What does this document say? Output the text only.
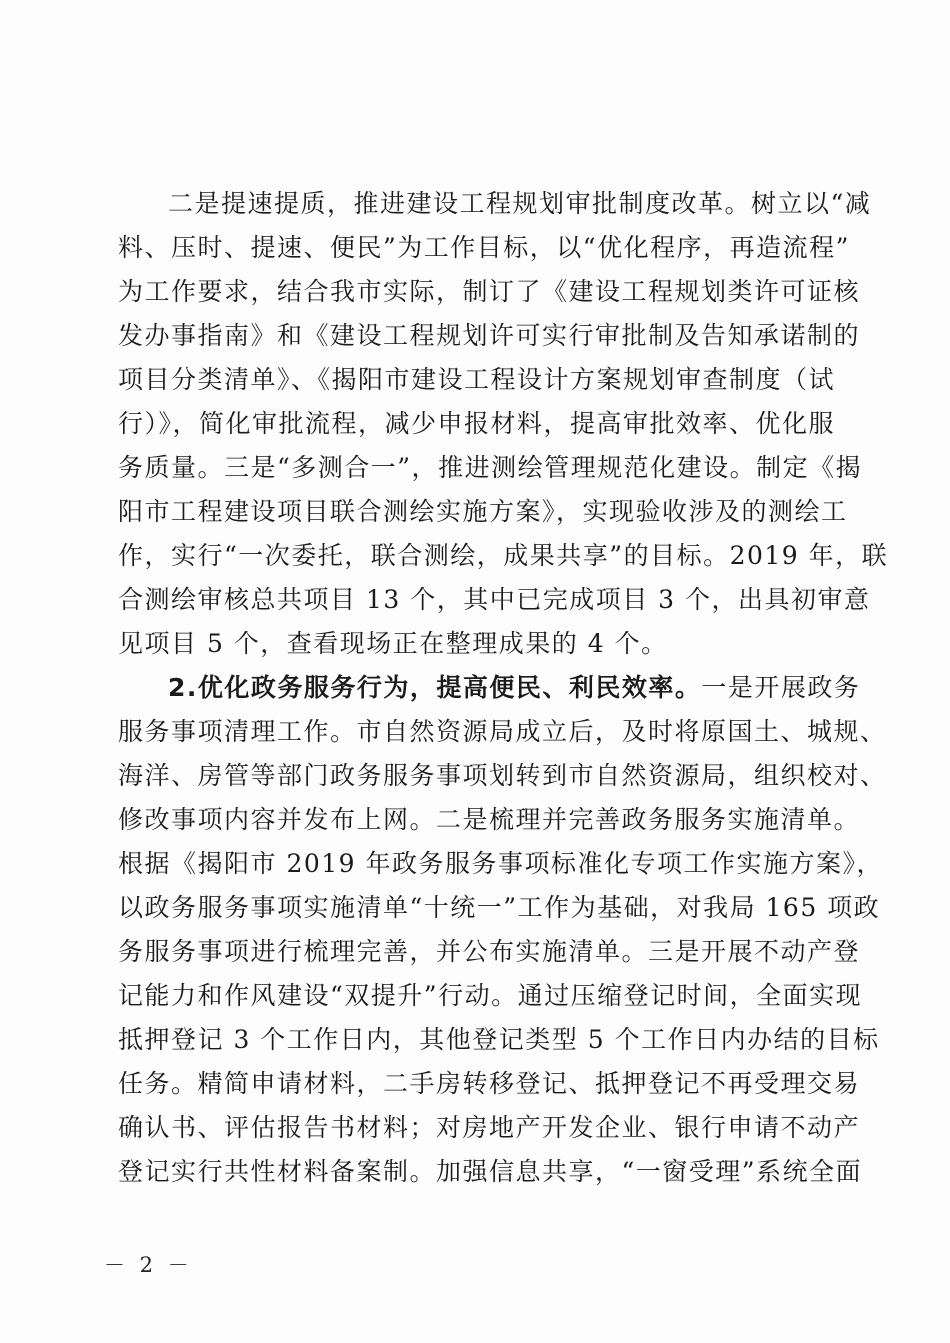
二是提速提质，推进建设工程规划审批制度改革。树立以“减
料、压时、提速、便民”为工作目标，以“优化程序，再造流程”
为工作要求，结合我市实际，制订了《建设工程规划类许可证核
发办事指南》和《建设工程规划许可实行审批制及告知承诺制的
项目分类清单》、《揭阳市建设工程设计方案规划审查制度（试
行）》，简化审批流程，减少申报材料，提高审批效率、优化服
务质量。三是“多测合一”，推进测绘管理规范化建设。制定《揭
阳市工程建设项目联合测绘实施方案》，实现验收涉及的测绘工
作，实行“一次委托，联合测绘，成果共享”的目标。2019 年，联
合测绘审核总共项目 13 个，其中已完成项目 3 个，出具初审意
见项目 5 个，查看现场正在整理成果的 4 个。
2.优化政务服务行为，提高便民、利民效率。一是开展政务
服务事项清理工作。市自然资源局成立后，及时将原国土、城规、
海洋、房管等部门政务服务事项划转到市自然资源局，组织校对、
修改事项内容并发布上网。二是梳理并完善政务服务实施清单。
根据《揭阳市 2019 年政务服务事项标准化专项工作实施方案》，
以政务服务事项实施清单“十统一”工作为基础，对我局 165 项政
务服务事项进行梳理完善，并公布实施清单。三是开展不动产登
记能力和作风建设“双提升”行动。通过压缩登记时间，全面实现
抵押登记 3 个工作日内，其他登记类型 5 个工作日内办结的目标
任务。精简申请材料，二手房转移登记、抵押登记不再受理交易
确认书、评估报告书材料；对房地产开发企业、银行申请不动产
登记实行共性材料备案制。加强信息共享，“一窗受理”系统全面
－ 2 －
